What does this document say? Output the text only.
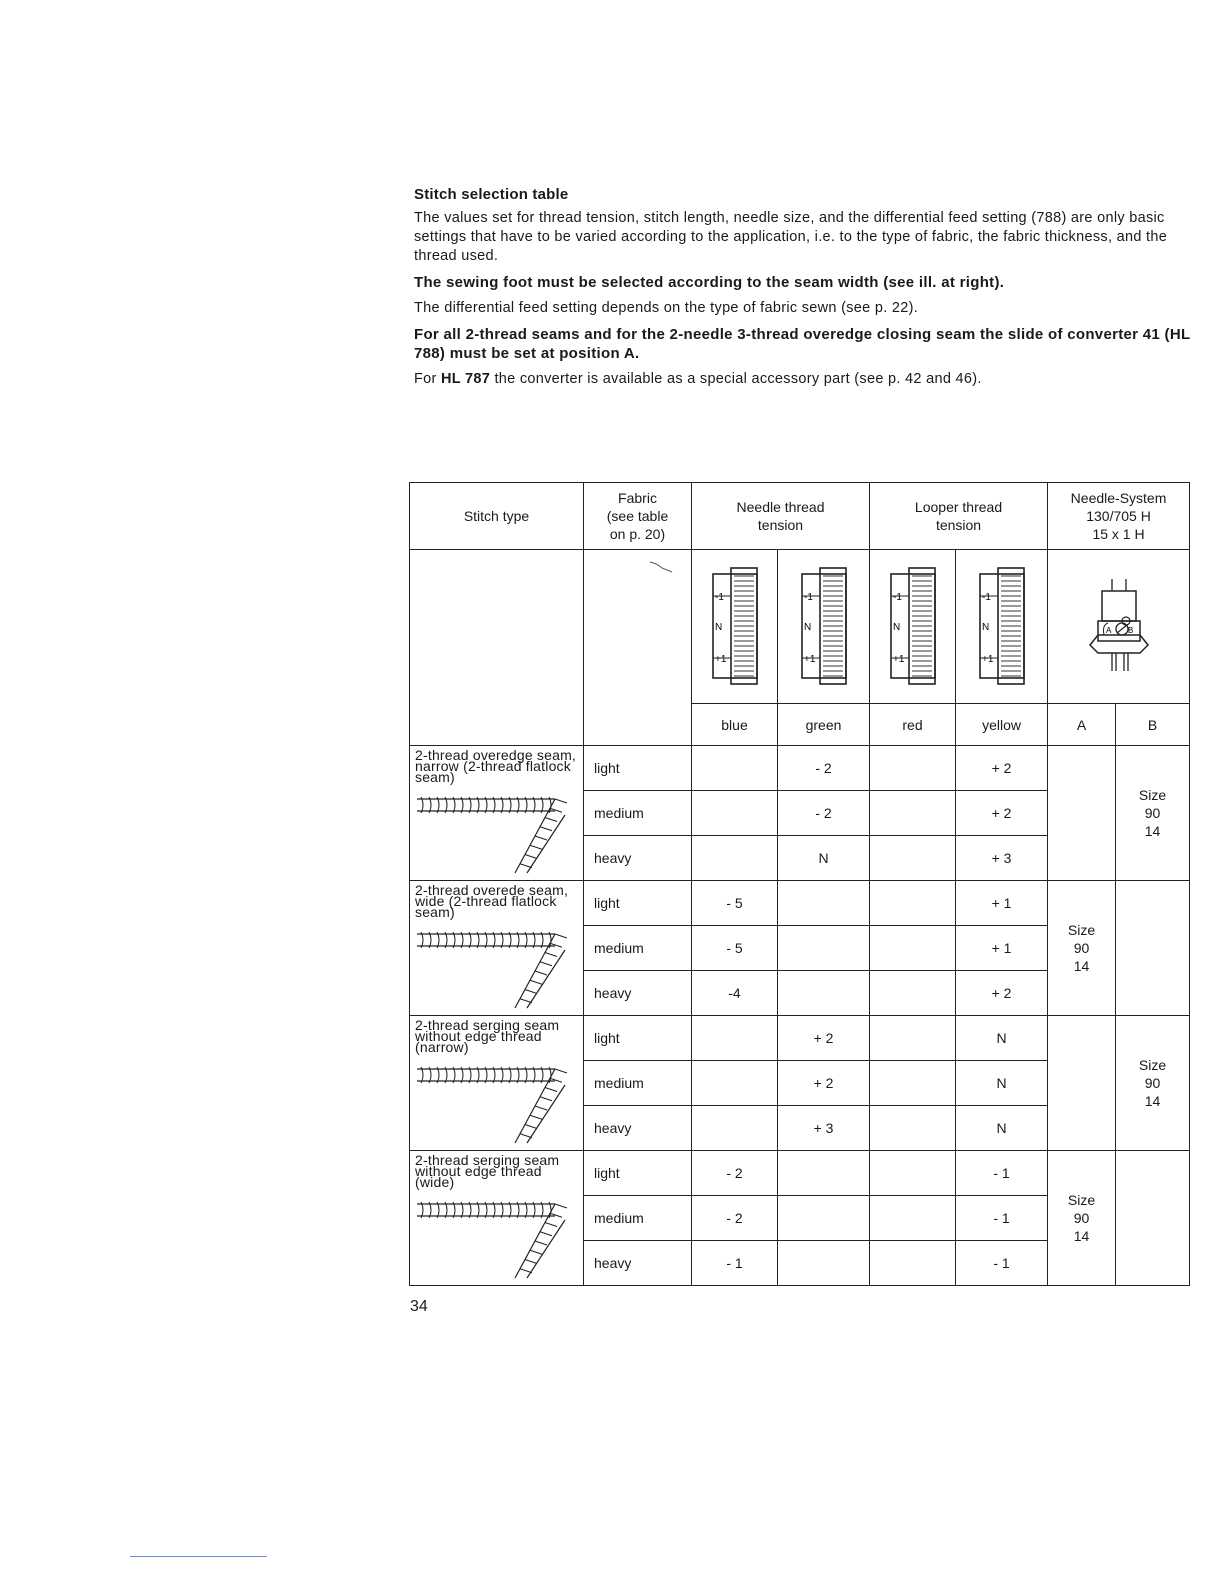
Stitch selection table

The values set for thread tension, stitch length, needle size, and the differential feed setting (788) are only basic settings that have to be varied according to the application, i.e. to the type of fabric, the fabric thickness, and the thread used.

The sewing foot must be selected according to the seam width (see ill. at right).

The differential feed setting depends on the type of fabric sewn (see p. 22).

For all 2-thread seams and for the 2-needle 3-thread overedge closing seam the slide of converter 41 (HL 788) must be set at position A.

For HL 787 the converter is available as a special accessory part (see p. 42 and 46).

Stitch type	Fabric
(see table
on p. 20)	Needle thread
tension		Looper thread
tension		Needle-System
130/705 H
15 x 1 H	

-1
N
+1	-1
N
+1	-1
N
+1	-1
N
+1	A B	

		blue	green	red	yellow	A	B

2-thread overedge seam, narrow (2-thread flatlock seam)	light		- 2		+ 2		Size
90
14
	medium		- 2		+ 2		
	heavy		N		+ 3		

2-thread overede seam, wide (2-thread flatlock seam)	light	- 5			+ 1	Size
90
14	
	medium	- 5			+ 1		
	heavy	-4			+ 2		

2-thread serging seam without edge thread (narrow)	light		+ 2		N		Size
90
14
	medium		+ 2		N		
	heavy		+ 3		N		

2-thread serging seam without edge thread (wide)	light	- 2			- 1	Size
90
14	
	medium	- 2			- 1		
	heavy	- 1			- 1		
34
